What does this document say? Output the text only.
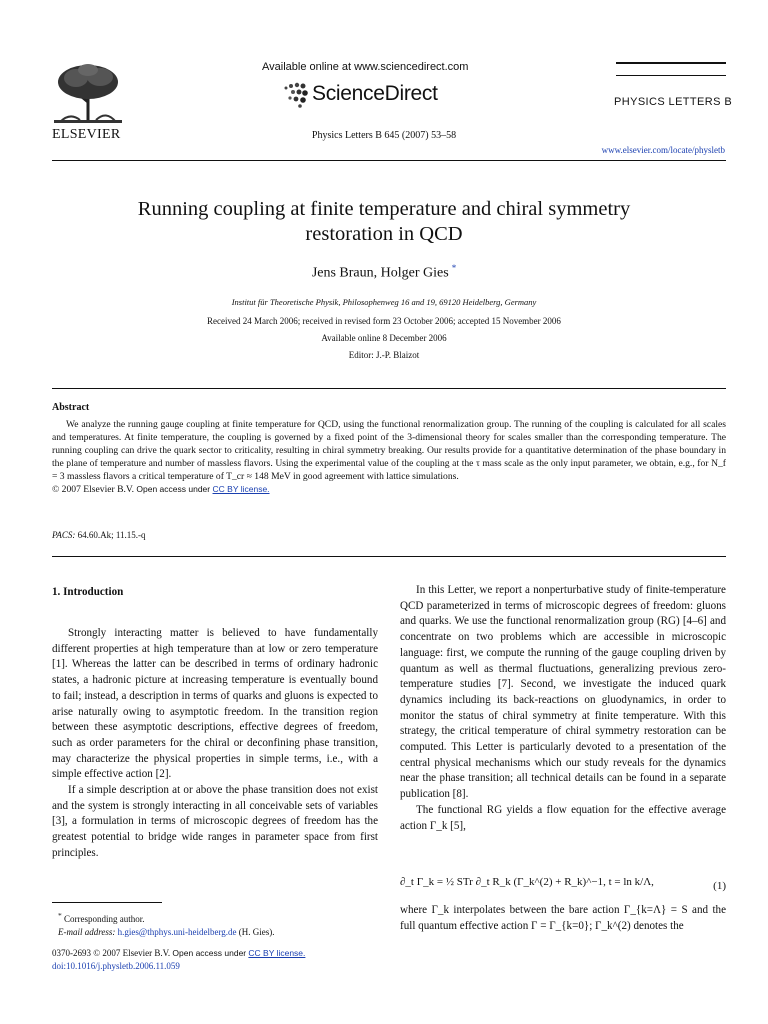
ELSEVIER
Available online at www.sciencedirect.com
ScienceDirect
Physics Letters B 645 (2007) 53–58
PHYSICS LETTERS B
www.elsevier.com/locate/physletb
Running coupling at finite temperature and chiral symmetry
restoration in QCD
Jens Braun, Holger Gies *
Institut für Theoretische Physik, Philosophenweg 16 and 19, 69120 Heidelberg, Germany
Received 24 March 2006; received in revised form 23 October 2006; accepted 15 November 2006
Available online 8 December 2006
Editor: J.-P. Blaizot
Abstract

We analyze the running gauge coupling at finite temperature for QCD, using the functional renormalization group. The running of the coupling is calculated for all scales and temperatures. At finite temperature, the coupling is governed by a fixed point of the 3-dimensional theory for scales smaller than the corresponding temperature. The running coupling can drive the quark sector to criticality, resulting in chiral symmetry breaking. Our results provide for a quantitative determination of the phase boundary in the plane of temperature and number of massless flavors. Using the experimental value of the coupling at the τ mass scale as the only input parameter, we obtain, e.g., for N_f = 3 massless flavors a critical temperature of T_cr ≈ 148 MeV in good agreement with lattice simulations.

© 2007 Elsevier B.V. Open access under CC BY license.
PACS: 64.60.Ak; 11.15.-q
1. Introduction

Strongly interacting matter is believed to have fundamentally different properties at high temperature than at low or zero temperature [1]. Whereas the latter can be described in terms of ordinary hadronic states, a hadronic picture at increasing temperature is eventually bound to fail; instead, a description in terms of quarks and gluons is expected to arise naturally owing to asymptotic freedom. In the transition region between these asymptotic descriptions, effective degrees of freedom, such as order parameters for the chiral or deconfining phase transition, may characterize the physical properties in simple terms, i.e., with a simple effective action [2].

If a simple description at or above the phase transition does not exist and the system is strongly interacting in all conceivable sets of variables [3], a formulation in terms of microscopic degrees of freedom has the greatest potential to bridge wide ranges in parameter space from first principles.

* Corresponding author.
E-mail address: h.gies@thphys.uni-heidelberg.de (H. Gies).
0370-2693 © 2007 Elsevier B.V. Open access under CC BY license.
doi:10.1016/j.physletb.2006.11.059

In this Letter, we report a nonperturbative study of finite-temperature QCD parameterized in terms of microscopic degrees of freedom: gluons and quarks. We use the functional renormalization group (RG) [4–6] and concentrate on two problems which are accessible in microscopic language: first, we compute the running of the gauge coupling driven by quantum as well as thermal fluctuations, generalizing previous zero-temperature studies [7]. Second, we investigate the induced quark dynamics including its back-reactions on gluodynamics, in order to monitor the status of chiral symmetry at finite temperature. With this strategy, the critical temperature of chiral symmetry restoration can be computed. This Letter is particularly devoted to a presentation of the central physical mechanisms which our study reveals for the dynamics near the phase transition; all technical details can be found in a separate publication [8].

The functional RG yields a flow equation for the effective average action Γ_k [5],

∂_t Γ_k = ½ STr ∂_t R_k (Γ_k^(2) + R_k)^−1, t = ln k/Λ,	(1)

where Γ_k interpolates between the bare action Γ_{k=Λ} = S and the full quantum effective action Γ = Γ_{k=0}; Γ_k^(2) denotes the
